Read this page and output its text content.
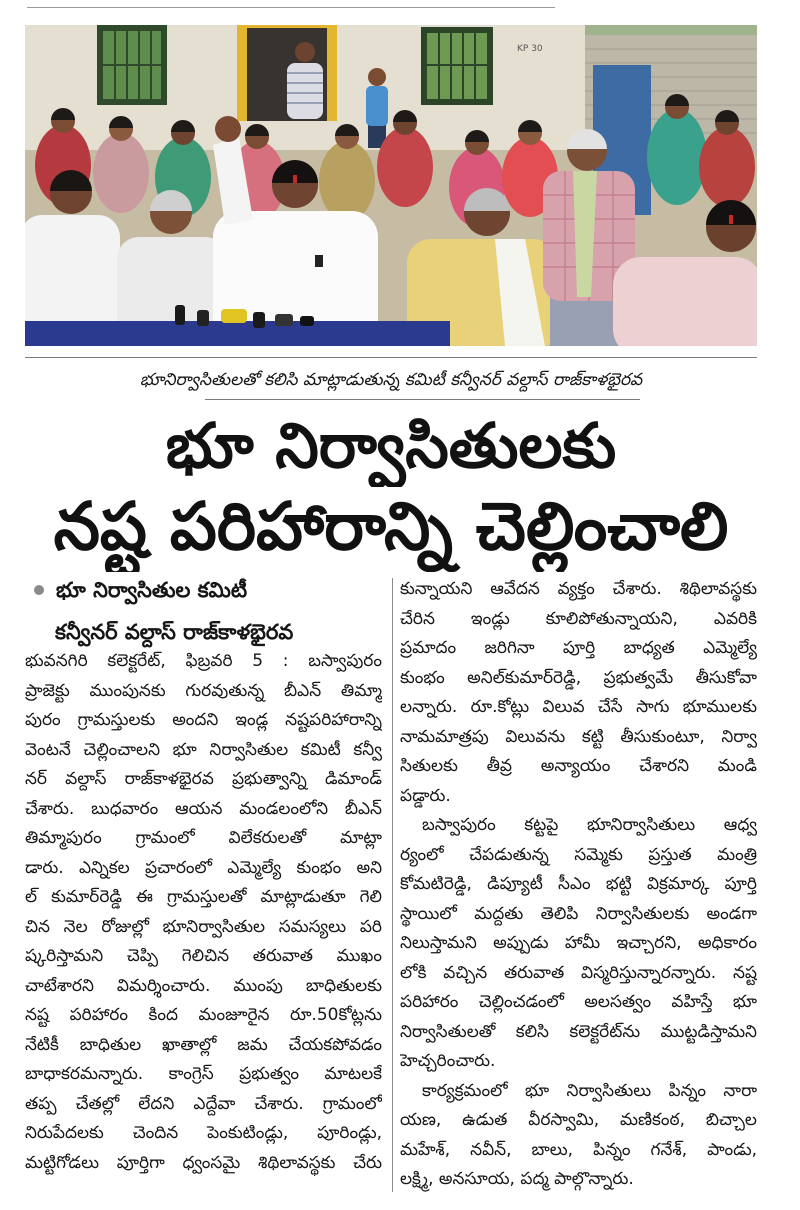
KP 30
భూనిర్వాసితులతో కలిసి మాట్లాడుతున్న కమిటీ కన్వీనర్ వల్దాస్ రాజ్‌కాళభైరవ
భూ నిర్వాసితులకు
నష్ట పరిహారాన్ని చెల్లించాలి
భూ నిర్వాసితుల కమిటీ
కన్వీనర్ వల్దాస్ రాజ్‌కాళభైరవ
భువనగిరి కలెక్టరేట్, ఫిబ్రవరి 5 : బస్వాపురం
ప్రాజెక్టు ముంపునకు గురవుతున్న బీఎన్ తిమ్మా
పురం గ్రామస్తులకు అందని ఇండ్ల నష్టపరిహారాన్ని
వెంటనే చెల్లించాలని భూ నిర్వాసితుల కమిటీ కన్వీ
నర్ వల్దాస్ రాజ్‌కాళభైరవ ప్రభుత్వాన్ని డిమాండ్
చేశారు. బుధవారం ఆయన మండలంలోని బీఎన్
తిమ్మాపురం గ్రామంలో విలేకరులతో మాట్లా
డారు. ఎన్నికల ప్రచారంలో ఎమ్మెల్యే కుంభం అని
ల్ కుమార్‌రెడ్డి ఈ గ్రామస్తులతో మాట్లాడుతూ గెలి
చిన నెల రోజుల్లో భూనిర్వాసితుల సమస్యలు పరి
ష్కరిస్తామని చెప్పి గెలిచిన తరువాత ముఖం
చాటేశారని విమర్శించారు. ముంపు బాధితులకు
నష్ట పరిహారం కింద మంజూరైన రూ.50కోట్లను
నేటికీ బాధితుల ఖాతాల్లో జమ చేయకపోవడం
బాధాకరమన్నారు. కాంగ్రెస్ ప్రభుత్వం మాటలకే
తప్ప చేతల్లో లేదని ఎద్దేవా చేశారు. గ్రామంలో
నిరుపేదలకు చెందిన పెంకుటిండ్లు, పూరిండ్లు,
మట్టిగోడలు పూర్తిగా ధ్వంసమై శిథిలావస్థకు చేరు
కున్నాయని ఆవేదన వ్యక్తం చేశారు. శిథిలావస్థకు
చేరిన ఇండ్లు కూలిపోతున్నాయని, ఎవరికి
ప్రమాదం జరిగినా పూర్తి బాధ్యత ఎమ్మెల్యే
కుంభం అనిల్‌కుమార్‌రెడ్డి, ప్రభుత్వమే తీసుకోవా
లన్నారు. రూ.కోట్లు విలువ చేసే సాగు భూములకు
నామమాత్రపు విలువను కట్టి తీసుకుంటూ, నిర్వా
సితులకు తీవ్ర అన్యాయం చేశారని మండి
పడ్డారు.
బస్వాపురం కట్టపై భూనిర్వాసితులు ఆధ్వ
ర్యంలో చేపడుతున్న సమ్మెకు ప్రస్తుత మంత్రి
కోమటిరెడ్డి, డిప్యూటీ సీఎం భట్టి విక్రమార్క పూర్తి
స్థాయిలో మద్దతు తెలిపి నిర్వాసితులకు అండగా
నిలుస్తామని అప్పుడు హామీ ఇచ్చారని, అధికారం
లోకి వచ్చిన తరువాత విస్మరిస్తున్నారన్నారు. నష్ట
పరిహారం చెల్లించడంలో అలసత్వం వహిస్తే భూ
నిర్వాసితులతో కలిసి కలెక్టరేట్‌ను ముట్టడిస్తామని
హెచ్చరించారు.
కార్యక్రమంలో భూ నిర్వాసితులు పిన్నం నారా
యణ, ఉడుత వీరస్వామి, మణికంఠ, బిచ్చాల
మహేశ్, నవీన్, బాలు, పిన్నం గనేశ్, పాండు,
లక్ష్మి, అనసూయ, పద్మ పాల్గొన్నారు.
